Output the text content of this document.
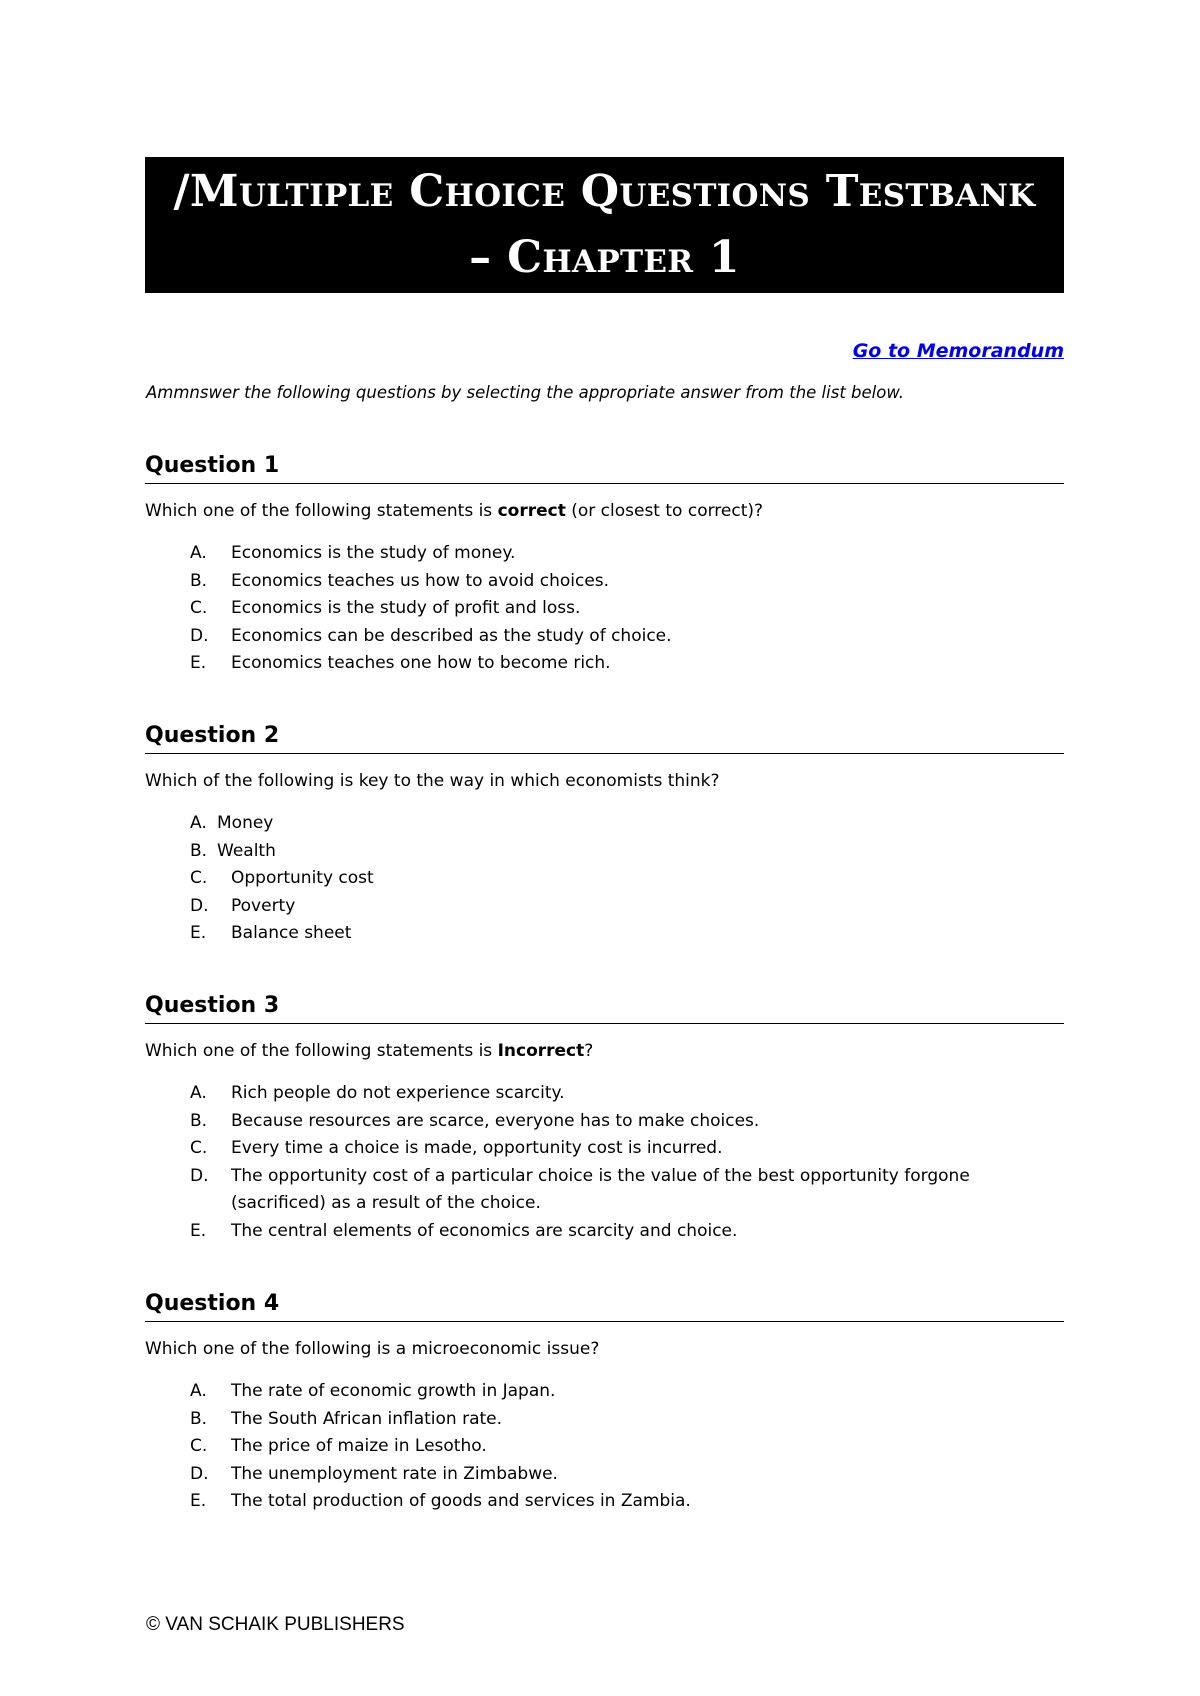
/Multiple Choice Questions Testbank
– Chapter 1
Go to Memorandum
Ammnswer the following questions by selecting the appropriate answer from the list below.
Question 1
Which one of the following statements is correct (or closest to correct)?
A.	Economics is the study of money.
B.	Economics teaches us how to avoid choices.
C.	Economics is the study of profit and loss.
D.	Economics can be described as the study of choice.
E.	Economics teaches one how to become rich.
Question 2
Which of the following is key to the way in which economists think?
A. Money
B. Wealth
C.	Opportunity cost
D.	Poverty
E.	Balance sheet
Question 3
Which one of the following statements is Incorrect?
A.	Rich people do not experience scarcity.
B.	Because resources are scarce, everyone has to make choices.
C.	Every time a choice is made, opportunity cost is incurred.
D.	The opportunity cost of a particular choice is the value of the best opportunity forgone (sacrificed) as a result of the choice.
E.	The central elements of economics are scarcity and choice.
Question 4
Which one of the following is a microeconomic issue?
A.	The rate of economic growth in Japan.
B.	The South African inflation rate.
C.	The price of maize in Lesotho.
D.	The unemployment rate in Zimbabwe.
E.	The total production of goods and services in Zambia.
© VAN SCHAIK PUBLISHERS
